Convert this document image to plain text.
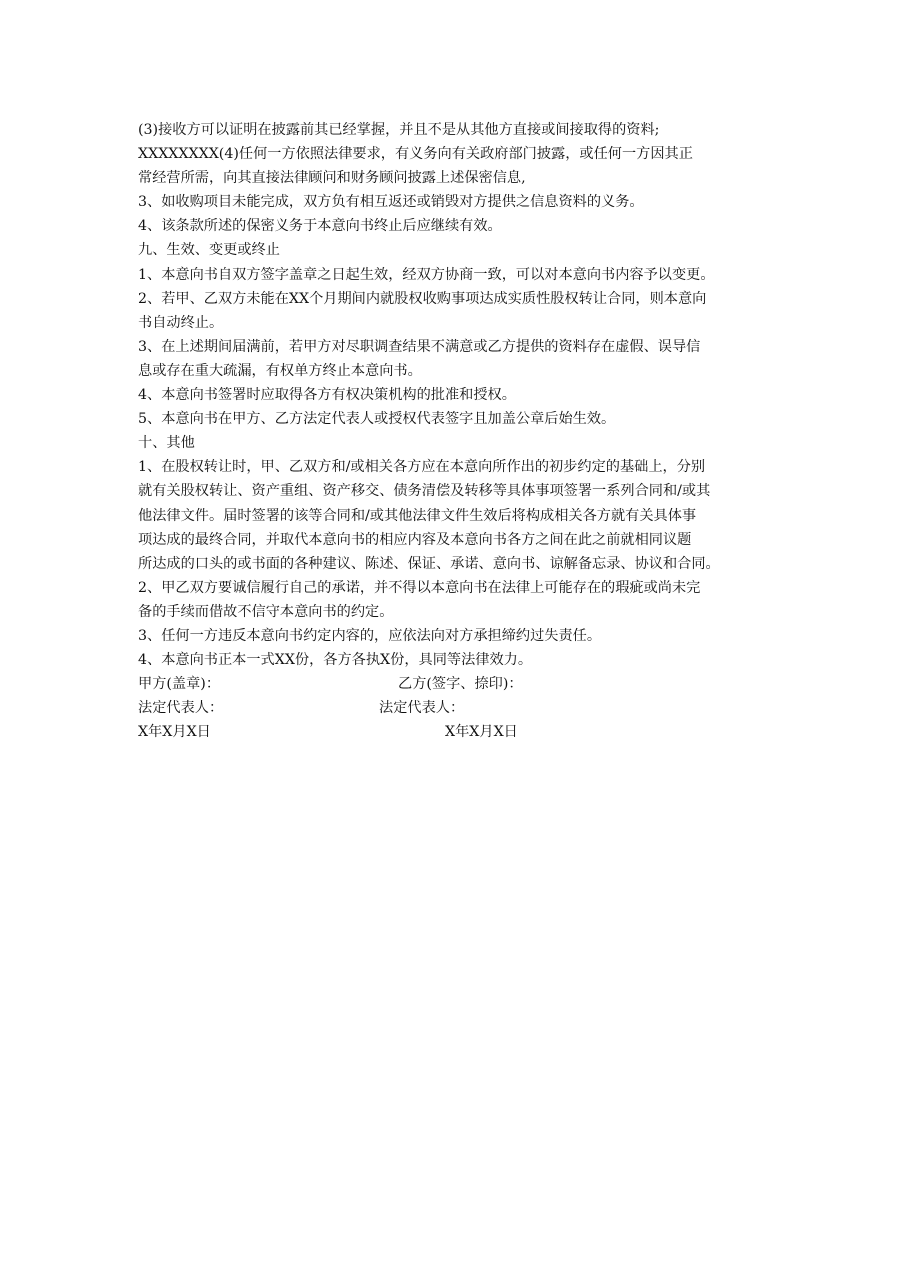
(3)接收方可以证明在披露前其已经掌握，并且不是从其他方直接或间接取得的资料;
XXXXXXXX(4)任何一方依照法律要求，有义务向有关政府部门披露，或任何一方因其正
常经营所需，向其直接法律顾问和财务顾问披露上述保密信息,
3、如收购项目未能完成，双方负有相互返还或销毁对方提供之信息资料的义务。
4、该条款所述的保密义务于本意向书终止后应继续有效。
九、生效、变更或终止
1、本意向书自双方签字盖章之日起生效，经双方协商一致，可以对本意向书内容予以变更。
2、若甲、乙双方未能在XX个月期间内就股权收购事项达成实质性股权转让合同，则本意向
书自动终止。
3、在上述期间届满前，若甲方对尽职调查结果不满意或乙方提供的资料存在虚假、误导信
息或存在重大疏漏，有权单方终止本意向书。
4、本意向书签署时应取得各方有权决策机构的批准和授权。
5、本意向书在甲方、乙方法定代表人或授权代表签字且加盖公章后始生效。
十、其他
1、在股权转让时，甲、乙双方和/或相关各方应在本意向所作出的初步约定的基础上，分别
就有关股权转让、资产重组、资产移交、债务清偿及转移等具体事项签署一系列合同和/或其
他法律文件。届时签署的该等合同和/或其他法律文件生效后将构成相关各方就有关具体事
项达成的最终合同，并取代本意向书的相应内容及本意向书各方之间在此之前就相同议题
所达成的口头的或书面的各种建议、陈述、保证、承诺、意向书、谅解备忘录、协议和合同。
2、甲乙双方要诚信履行自己的承诺，并不得以本意向书在法律上可能存在的瑕疵或尚未完
备的手续而借故不信守本意向书的约定。
3、任何一方违反本意向书约定内容的，应依法向对方承担缔约过失责任。
4、本意向书正本一式XX份，各方各执X份，具同等法律效力。
甲方(盖章)：	乙方(签字、捺印)：
法定代表人：	法定代表人：
X年X月X日	X年X月X日
